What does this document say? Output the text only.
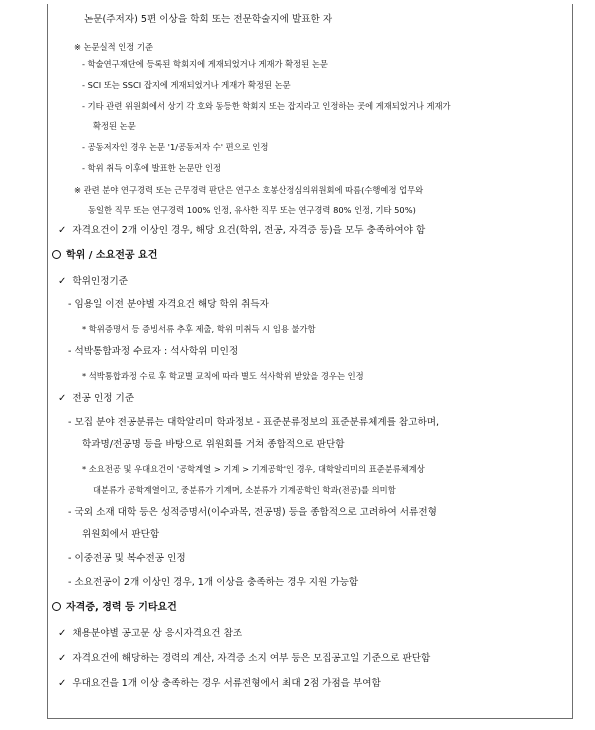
논문(주저자) 5편 이상을 학회 또는 전문학술지에 발표한 자
※ 논문실적 인정 기준
- 학술연구재단에 등록된 학회지에 게재되었거나 게재가 확정된 논문
- SCI 또는 SSCI 잡지에 게재되었거나 게재가 확정된 논문
- 기타 관련 위원회에서 상기 각 호와 동등한 학회지 또는 잡지라고 인정하는 곳에 게재되었거나 게재가
확정된 논문
- 공동저자인 경우 논문 '1/공동저자 수' 편으로 인정
- 학위 취득 이후에 발표한 논문만 인정
※ 관련 분야 연구경력 또는 근무경력 판단은 연구소 호봉산정심의위원회에 따름(수행예정 업무와
동일한 직무 또는 연구경력 100% 인정, 유사한 직무 또는 연구경력 80% 인정, 기타 50%)
✓ 자격요건이 2개 이상인 경우, 해당 요건(학위, 전공, 자격증 등)을 모두 충족하여야 함
학위 / 소요전공 요건
✓ 학위인정기준
- 임용일 이전 분야별 자격요건 해당 학위 취득자
* 학위증명서 등 증빙서류 추후 제출, 학위 미취득 시 임용 불가함
- 석박통합과정 수료자 : 석사학위 미인정
* 석박통합과정 수료 후 학교별 교칙에 따라 별도 석사학위 받았을 경우는 인정
✓ 전공 인정 기준
- 모집 분야 전공분류는 대학알리미 학과정보 - 표준분류정보의 표준분류체계를 참고하며,
학과명/전공명 등을 바탕으로 위원회를 거쳐 종합적으로 판단함
* 소요전공 및 우대요건이 '공학계열 > 기계 > 기계공학'인 경우, 대학알리미의 표준분류체계상
대분류가 공학계열이고, 중분류가 기계며, 소분류가 기계공학인 학과(전공)를 의미함
- 국외 소재 대학 등은 성적증명서(이수과목, 전공명) 등을 종합적으로 고려하여 서류전형
위원회에서 판단함
- 이중전공 및 복수전공 인정
- 소요전공이 2개 이상인 경우, 1개 이상을 충족하는 경우 지원 가능함
자격증, 경력 등 기타요건
✓ 채용분야별 공고문 상 응시자격요건 참조
✓ 자격요건에 해당하는 경력의 계산, 자격증 소지 여부 등은 모집공고일 기준으로 판단함
✓ 우대요건을 1개 이상 충족하는 경우 서류전형에서 최대 2점 가점을 부여함
